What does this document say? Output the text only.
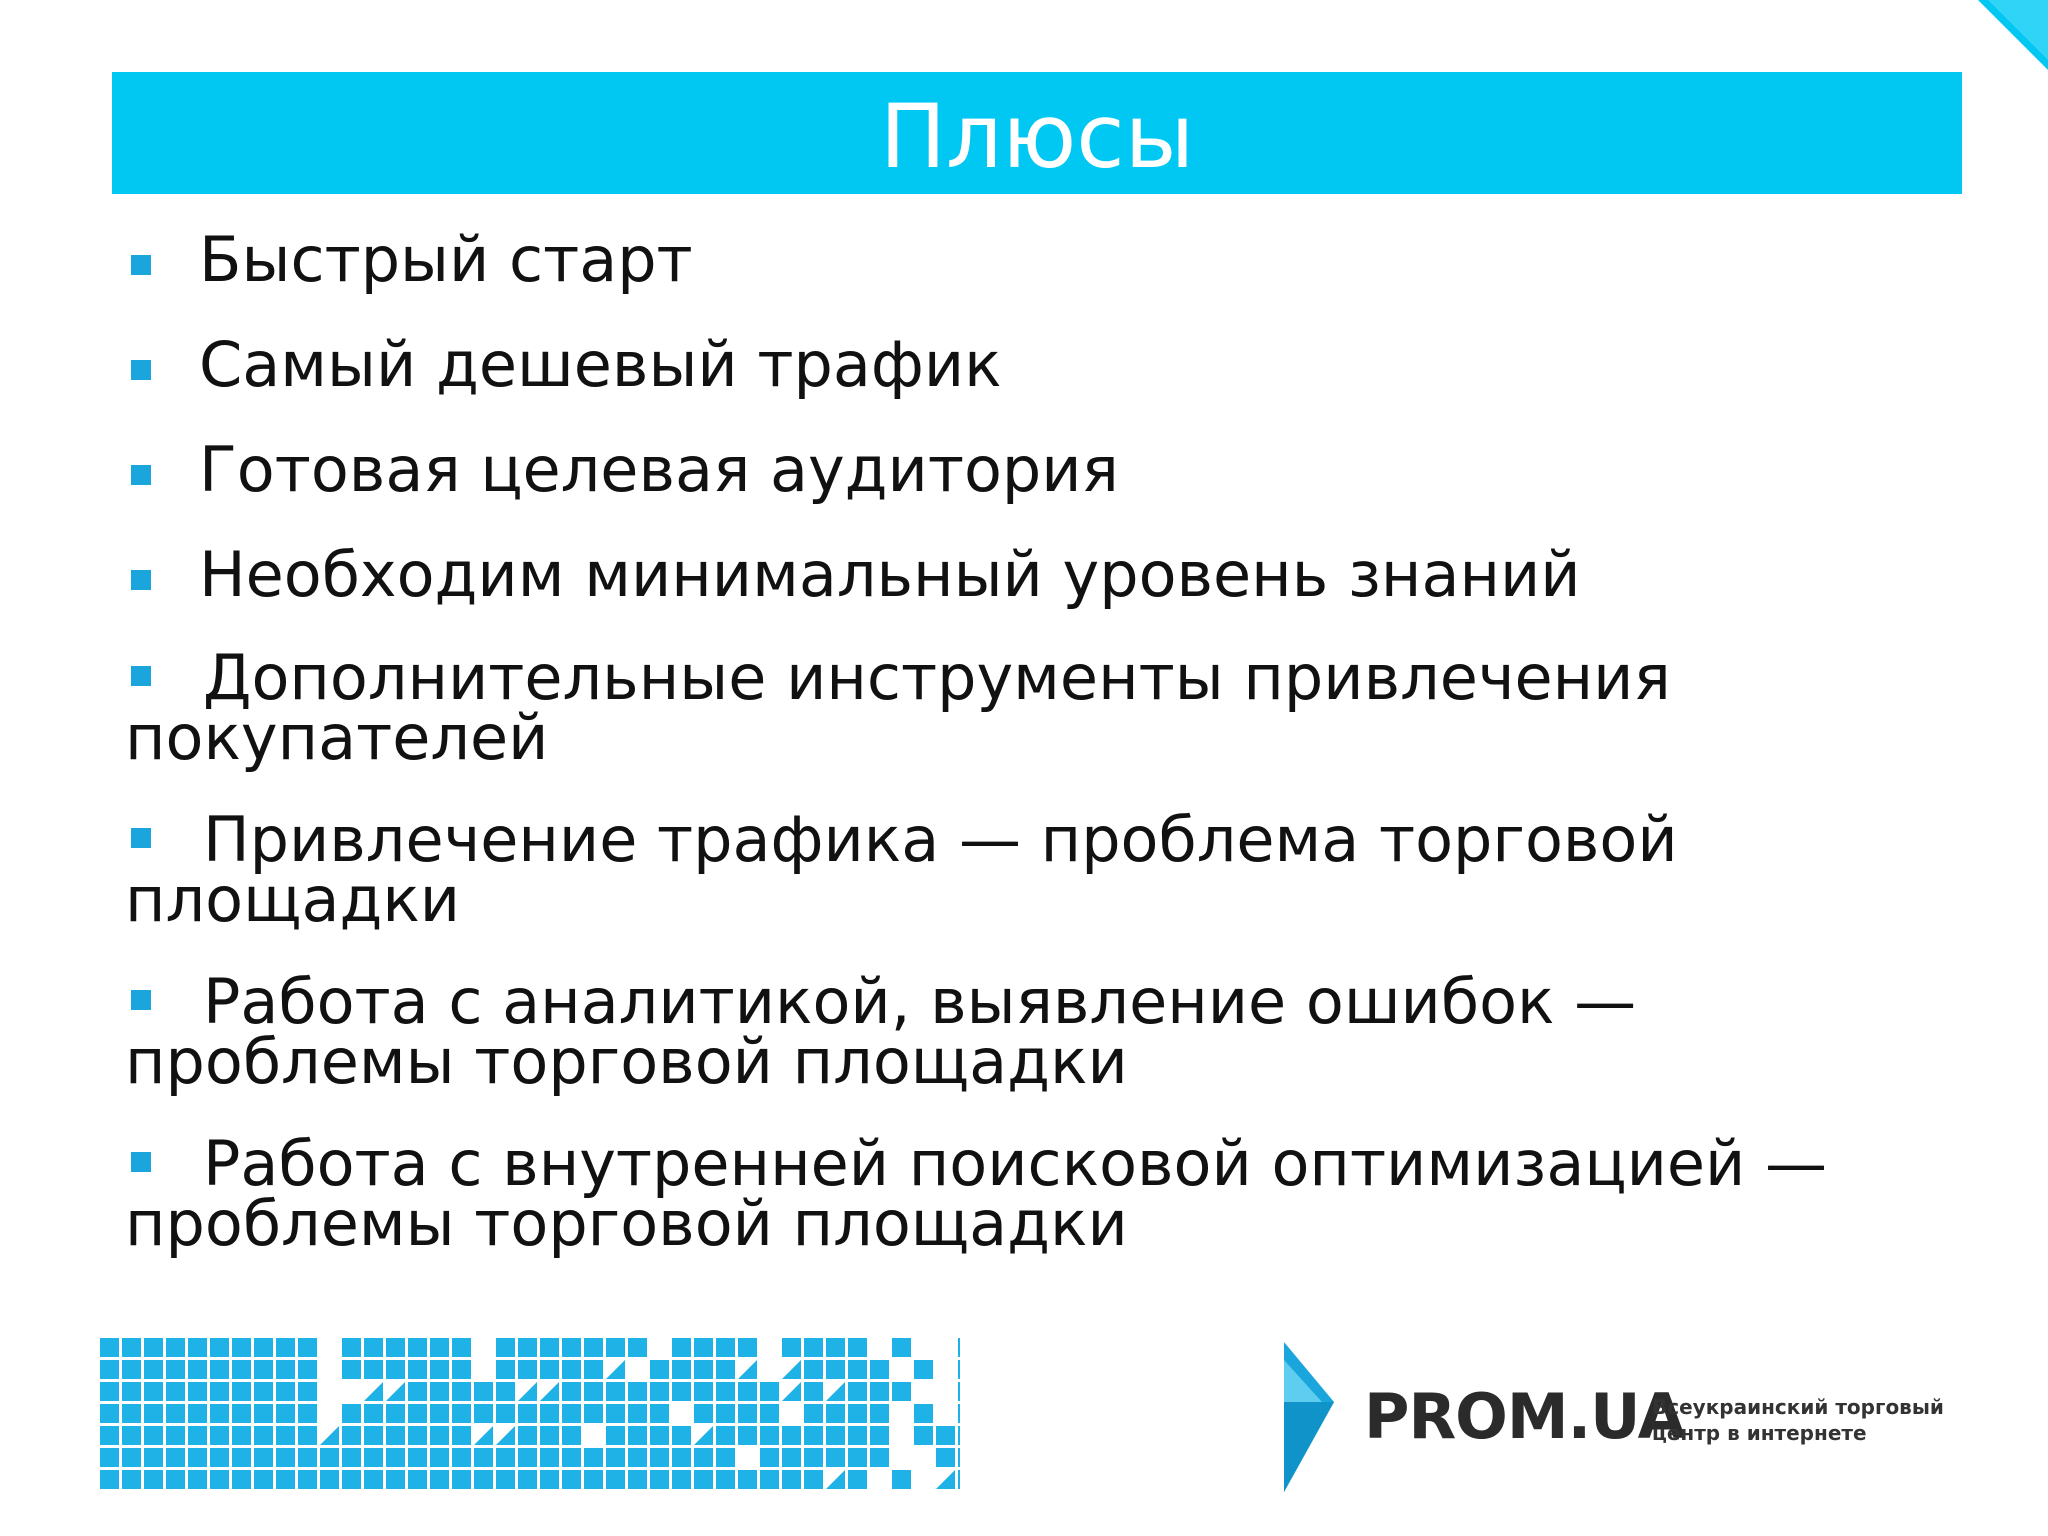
Плюсы
Быстрый старт
Самый дешевый трафик
Готовая целевая аудитория
Необходим минимальный уровень знаний
Дополнительные инструменты привлечения
покупателей
Привлечение трафика — проблема торговой
площадки
Работа с аналитикой, выявление ошибок —
проблемы торговой площадки
Работа с внутренней поисковой оптимизацией —
проблемы торговой площадки
PROM.UA
Всеукраинский торговый
центр в интернете
